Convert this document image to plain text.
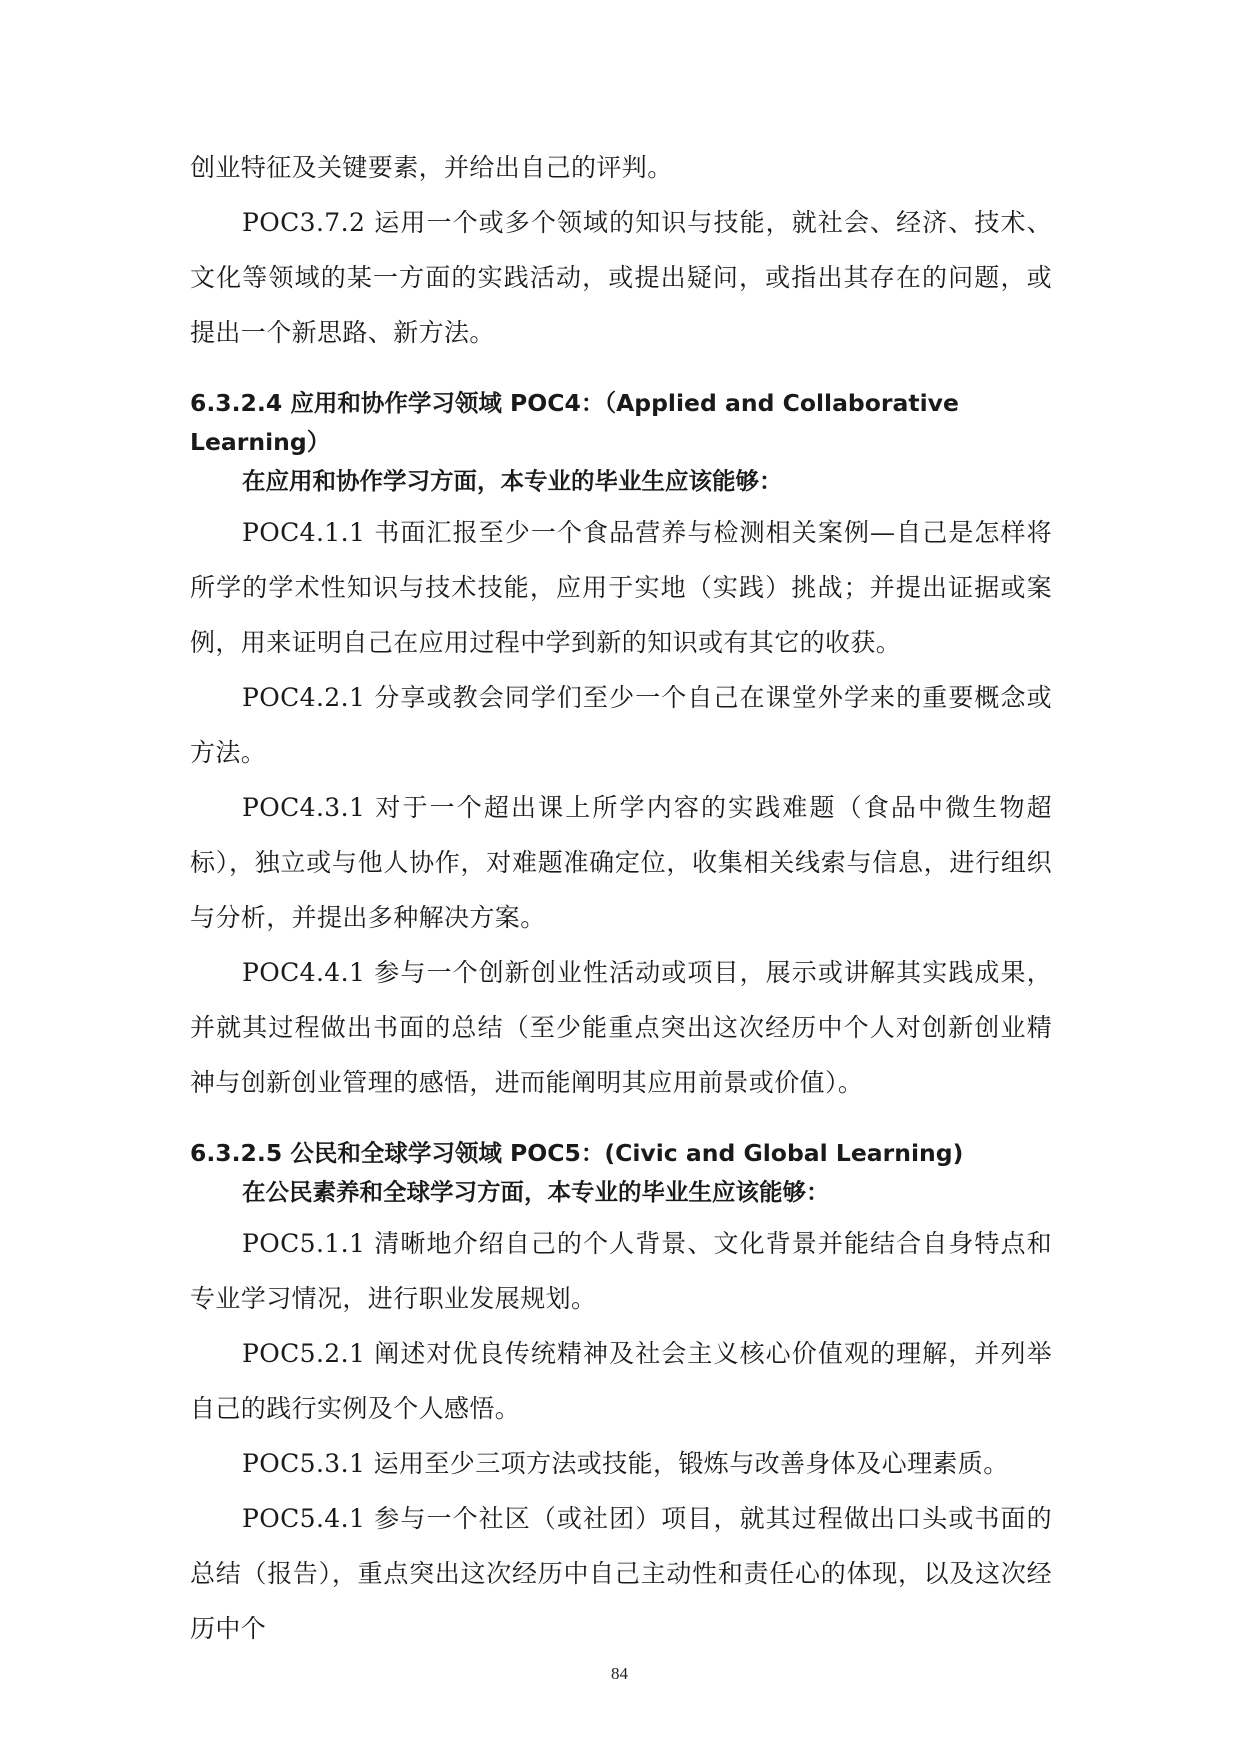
创业特征及关键要素，并给出自己的评判。

POC3.7.2 运用一个或多个领域的知识与技能，就社会、经济、技术、文化等领域的某一方面的实践活动，或提出疑问，或指出其存在的问题，或提出一个新思路、新方法。

6.3.2.4 应用和协作学习领域 POC4：（Applied and Collaborative Learning）
在应用和协作学习方面，本专业的毕业生应该能够：

POC4.1.1 书面汇报至少一个食品营养与检测相关案例—自己是怎样将所学的学术性知识与技术技能，应用于实地（实践）挑战；并提出证据或案例，用来证明自己在应用过程中学到新的知识或有其它的收获。

POC4.2.1 分享或教会同学们至少一个自己在课堂外学来的重要概念或方法。

POC4.3.1 对于一个超出课上所学内容的实践难题（食品中微生物超标），独立或与他人协作，对难题准确定位，收集相关线索与信息，进行组织与分析，并提出多种解决方案。

POC4.4.1 参与一个创新创业性活动或项目，展示或讲解其实践成果，并就其过程做出书面的总结（至少能重点突出这次经历中个人对创新创业精神与创新创业管理的感悟，进而能阐明其应用前景或价值）。

6.3.2.5 公民和全球学习领域 POC5：(Civic and Global Learning)
在公民素养和全球学习方面，本专业的毕业生应该能够：

POC5.1.1 清晰地介绍自己的个人背景、文化背景并能结合自身特点和专业学习情况，进行职业发展规划。

POC5.2.1 阐述对优良传统精神及社会主义核心价值观的理解，并列举自己的践行实例及个人感悟。

POC5.3.1 运用至少三项方法或技能，锻炼与改善身体及心理素质。

POC5.4.1 参与一个社区（或社团）项目，就其过程做出口头或书面的总结（报告），重点突出这次经历中自己主动性和责任心的体现，以及这次经历中个

84
